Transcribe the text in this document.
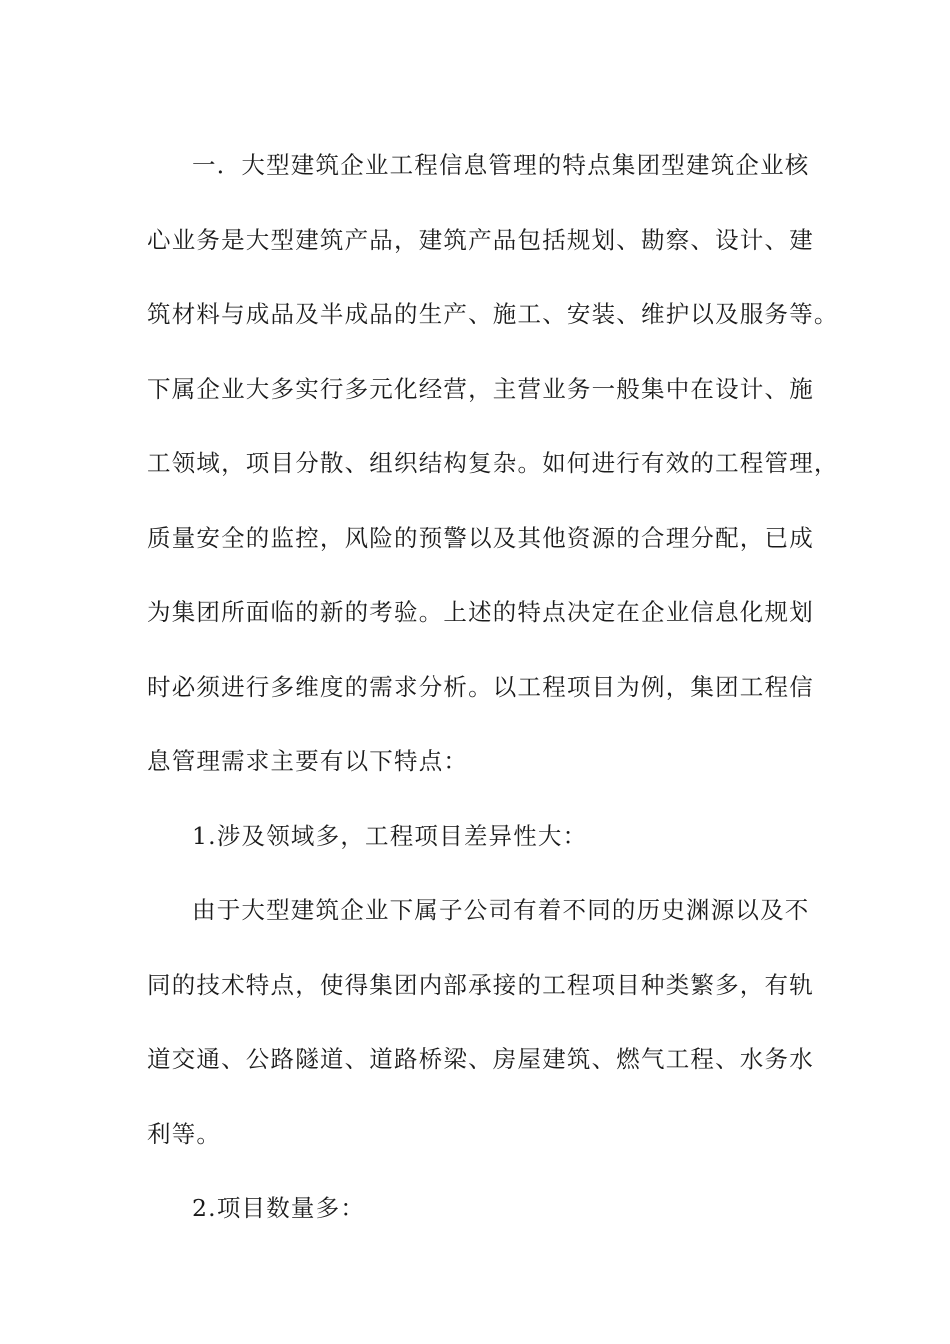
一．大型建筑企业工程信息管理的特点集团型建筑企业核
心业务是大型建筑产品，建筑产品包括规划、勘察、设计、建
筑材料与成品及半成品的生产、施工、安装、维护以及服务等。
下属企业大多实行多元化经营，主营业务一般集中在设计、施
工领域，项目分散、组织结构复杂。如何进行有效的工程管理，
质量安全的监控，风险的预警以及其他资源的合理分配，已成
为集团所面临的新的考验。上述的特点决定在企业信息化规划
时必须进行多维度的需求分析。以工程项目为例，集团工程信
息管理需求主要有以下特点：
1.涉及领域多，工程项目差异性大：
由于大型建筑企业下属子公司有着不同的历史渊源以及不
同的技术特点，使得集团内部承接的工程项目种类繁多，有轨
道交通、公路隧道、道路桥梁、房屋建筑、燃气工程、水务水
利等。
2.项目数量多：
